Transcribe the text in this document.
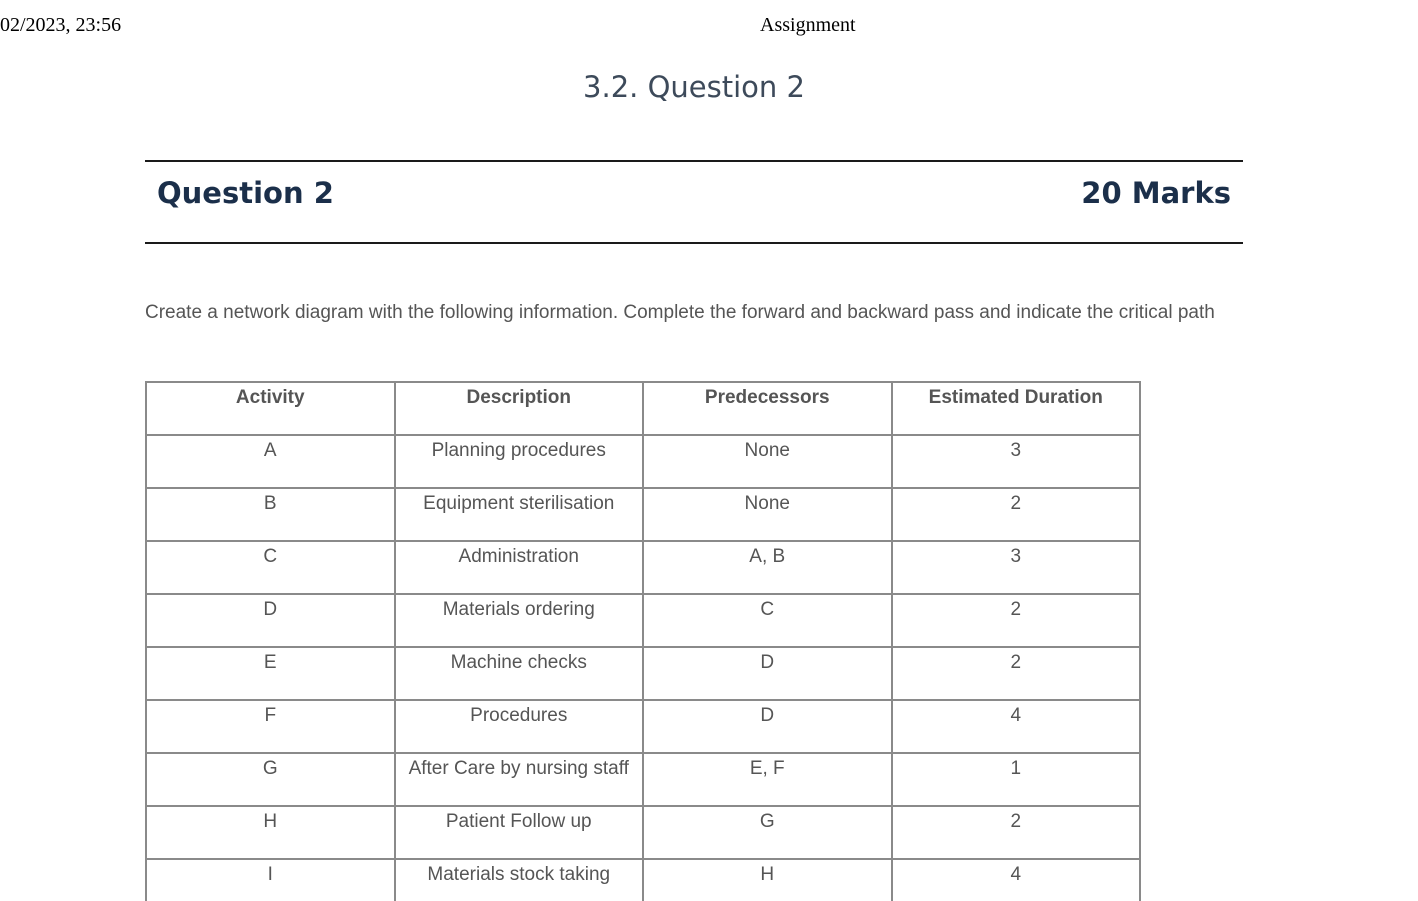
02/2023, 23:56	Assignment
3.2. Question 2
Question 2	20 Marks

Create a network diagram with the following information. Complete the forward and backward pass and indicate the critical path

Activity	Description	Predecessors	Estimated Duration
A	Planning procedures	None	3
B	Equipment sterilisation	None	2
C	Administration	A, B	3
D	Materials ordering	C	2
E	Machine checks	D	2
F	Procedures	D	4
G	After Care by nursing staff	E, F	1
H	Patient Follow up	G	2
I	Materials stock taking	H	4
